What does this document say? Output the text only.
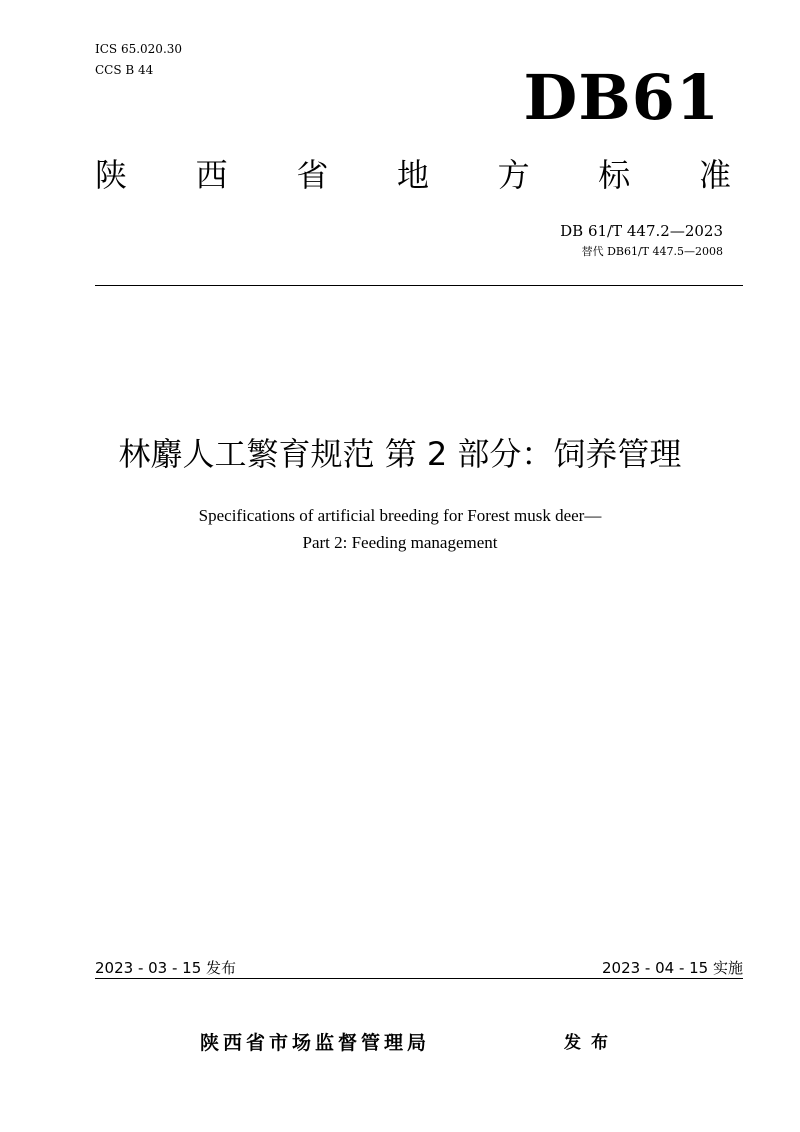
ICS 65.020.30
CCS B 44	DB61
陕 西 省 地 方 标 准
DB 61/T 447.2—2023
替代 DB61/T 447.5—2008
林麝人工繁育规范 第 2 部分：饲养管理
Specifications of artificial breeding for Forest musk deer—
Part 2: Feeding management
2023 - 03 - 15 发布	2023 - 04 - 15 实施
陕西省市场监督管理局	发布
